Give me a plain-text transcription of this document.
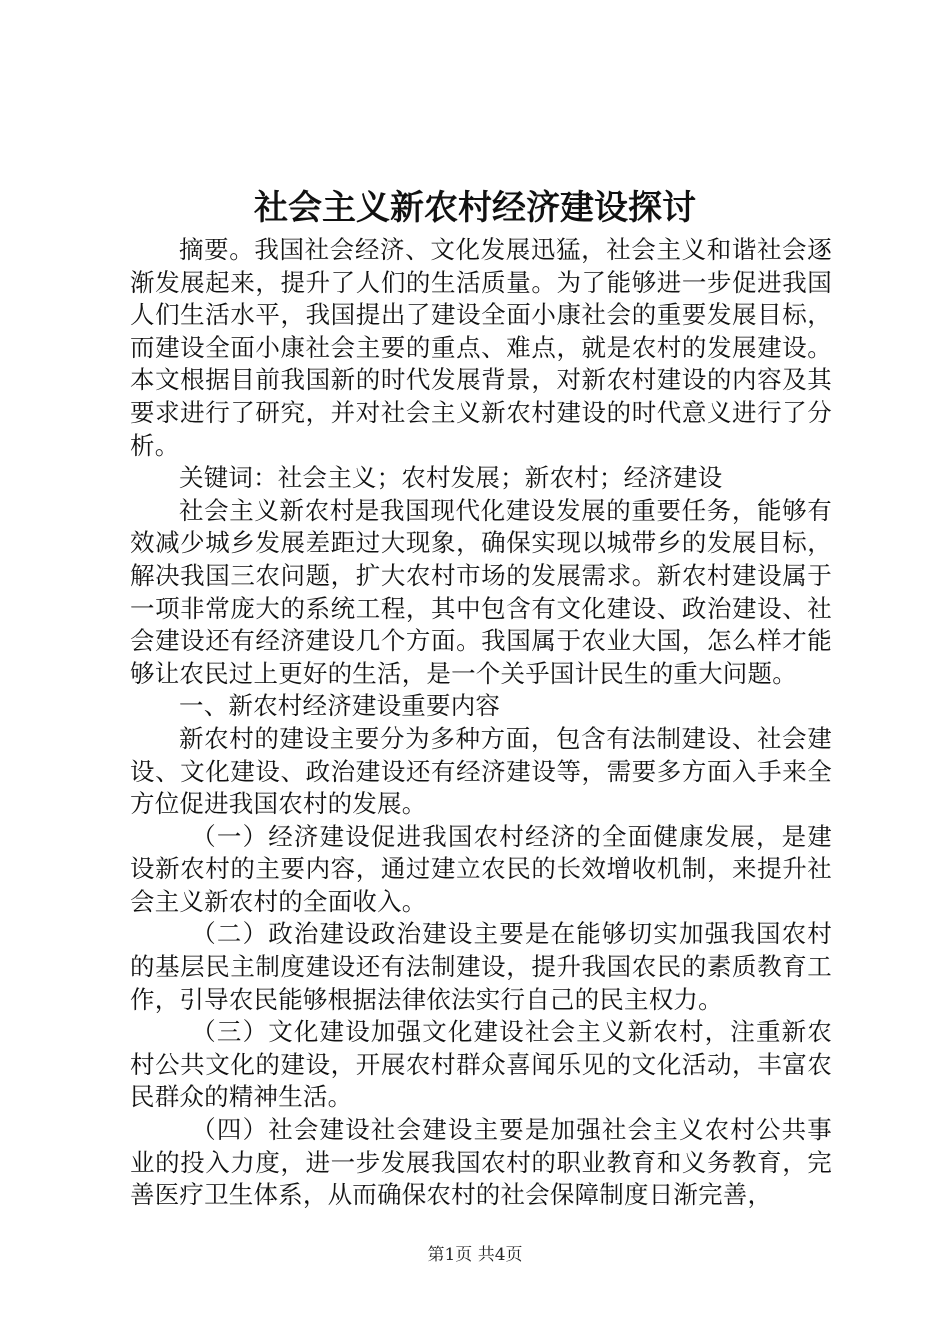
社会主义新农村经济建设探讨

摘要。我国社会经济、文化发展迅猛，社会主义和谐社会逐渐发展起来，提升了人们的生活质量。为了能够进一步促进我国人们生活水平，我国提出了建设全面小康社会的重要发展目标，而建设全面小康社会主要的重点、难点，就是农村的发展建设。本文根据目前我国新的时代发展背景，对新农村建设的内容及其要求进行了研究，并对社会主义新农村建设的时代意义进行了分析。

关键词：社会主义；农村发展；新农村；经济建设

社会主义新农村是我国现代化建设发展的重要任务，能够有效减少城乡发展差距过大现象，确保实现以城带乡的发展目标，解决我国三农问题，扩大农村市场的发展需求。新农村建设属于一项非常庞大的系统工程，其中包含有文化建设、政治建设、社会建设还有经济建设几个方面。我国属于农业大国，怎么样才能够让农民过上更好的生活，是一个关乎国计民生的重大问题。

一、新农村经济建设重要内容

新农村的建设主要分为多种方面，包含有法制建设、社会建设、文化建设、政治建设还有经济建设等，需要多方面入手来全方位促进我国农村的发展。

（一）经济建设促进我国农村经济的全面健康发展，是建设新农村的主要内容，通过建立农民的长效增收机制，来提升社会主义新农村的全面收入。

（二）政治建设政治建设主要是在能够切实加强我国农村的基层民主制度建设还有法制建设，提升我国农民的素质教育工作，引导农民能够根据法律依法实行自己的民主权力。

（三）文化建设加强文化建设社会主义新农村，注重新农村公共文化的建设，开展农村群众喜闻乐见的文化活动，丰富农民群众的精神生活。

（四）社会建设社会建设主要是加强社会主义农村公共事业的投入力度，进一步发展我国农村的职业教育和义务教育，完善医疗卫生体系，从而确保农村的社会保障制度日渐完善，

第1页 共4页
